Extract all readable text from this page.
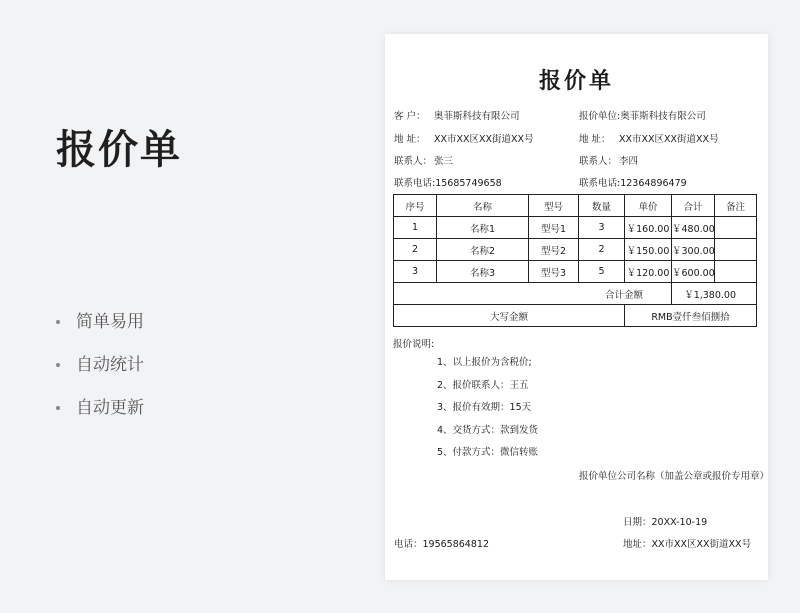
报价单
简单易用
自动统计
自动更新
报价单
客 户： 奥菲斯科技有限公司	报价单位:奥菲斯科技有限公司
地 址： XX市XX区XX街道XX号	地 址： XX市XX区XX街道XX号
联系人： 张三	联系人： 李四
联系电话:15685749658	联系电话:12364896479
序号	名称	型号	数量	单价	合计	备注
1	名称1	型号1	3	￥160.00	￥480.00	
2	名称2	型号2	2	￥150.00	￥300.00	
3	名称3	型号3	5	￥120.00	￥600.00	
合计金额					￥1,380.00	
大写金额				RMB壹仟叁佰捌拾		
报价说明:
1、以上报价为含税价;
2、报价联系人：王五
3、报价有效期：15天
4、交货方式：款到发货
5、付款方式：微信转账
报价单位公司名称（加盖公章或报价专用章）
日期：20XX-10-19
电话：19565864812	地址：XX市XX区XX街道XX号
